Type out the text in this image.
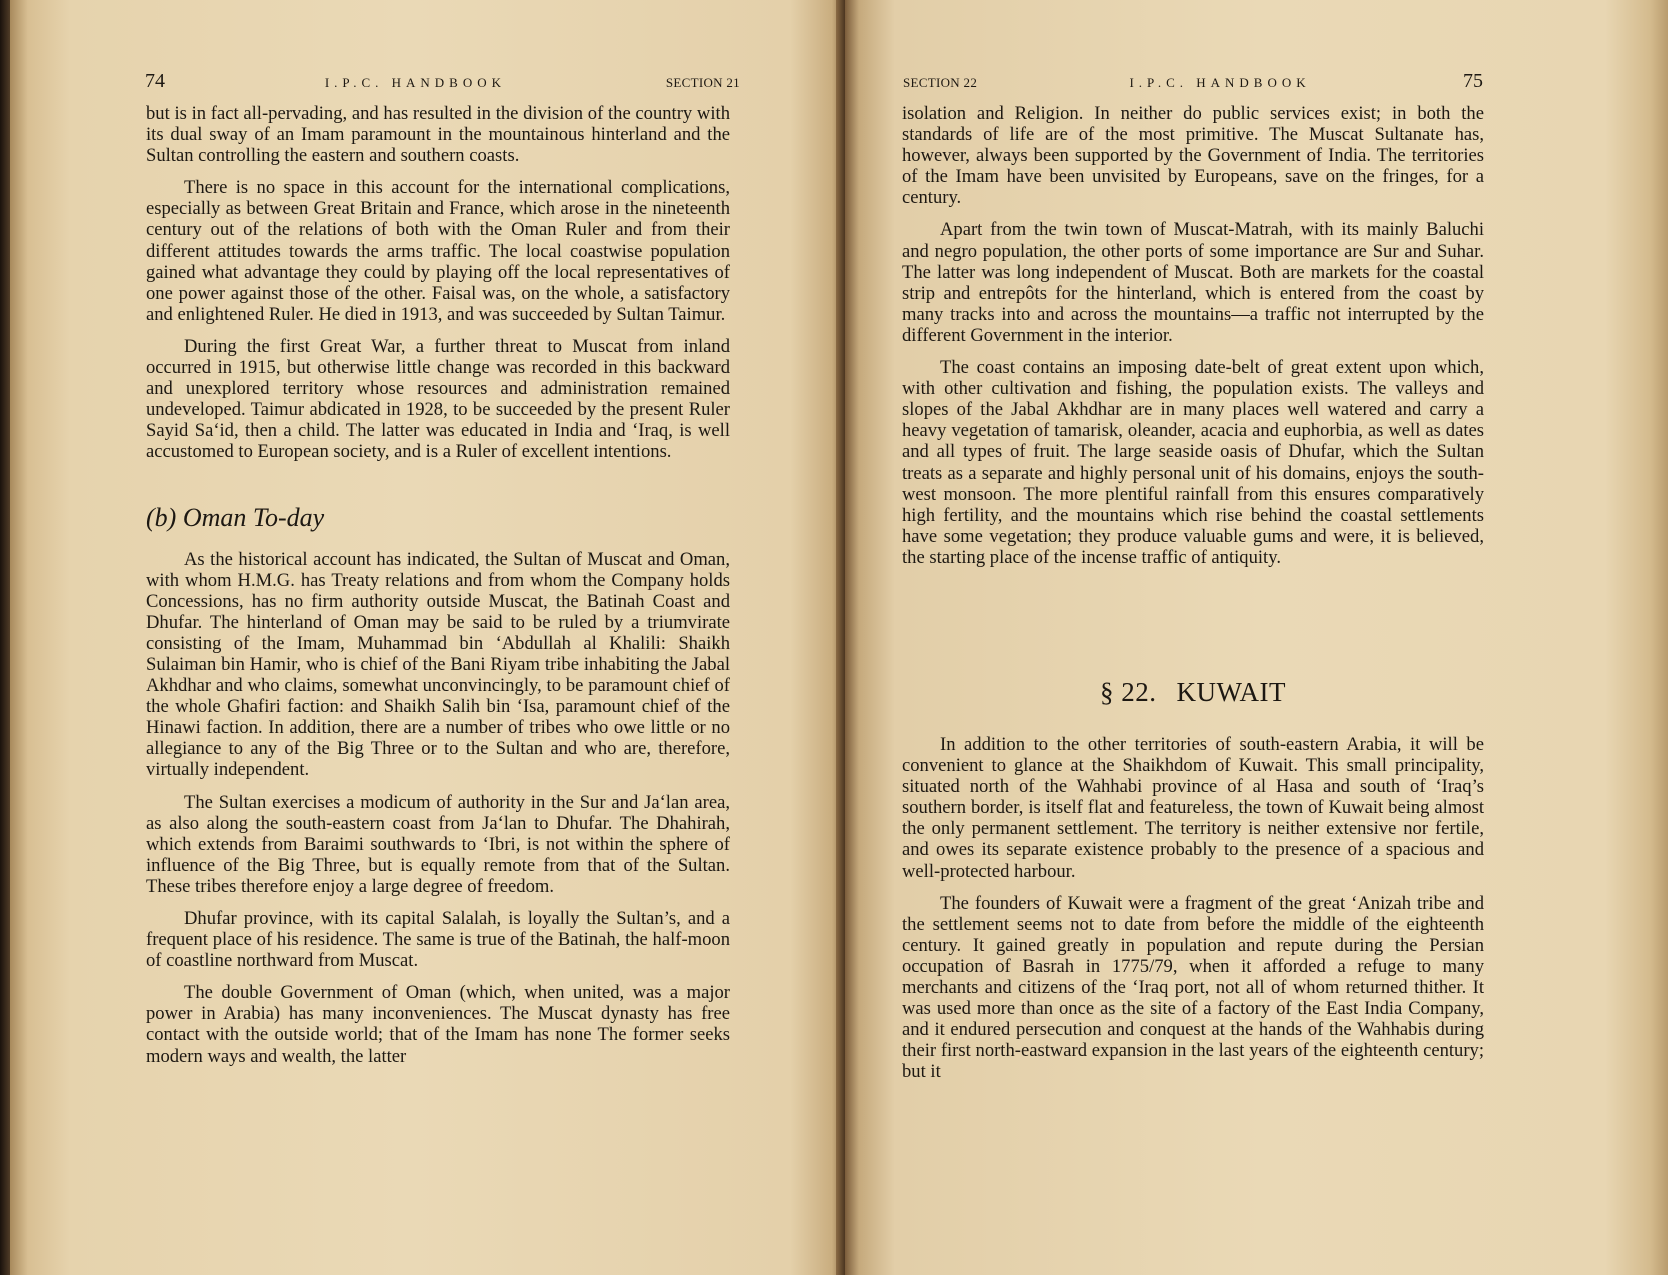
74	I.P.C. HANDBOOK	SECTION 21

but is in fact all-pervading, and has resulted in the division of the country with its dual sway of an Imam paramount in the mountainous hinterland and the Sultan controlling the eastern and southern coasts.

There is no space in this account for the international complications, especially as between Great Britain and France, which arose in the nineteenth century out of the relations of both with the Oman Ruler and from their different attitudes towards the arms traffic. The local coastwise population gained what advantage they could by playing off the local representatives of one power against those of the other. Faisal was, on the whole, a satisfactory and enlightened Ruler. He died in 1913, and was succeeded by Sultan Taimur.

During the first Great War, a further threat to Muscat from inland occurred in 1915, but otherwise little change was recorded in this backward and unexplored territory whose resources and administration remained undeveloped. Taimur abdicated in 1928, to be succeeded by the present Ruler Sayid Sa‘id, then a child. The latter was educated in India and ‘Iraq, is well accustomed to European society, and is a Ruler of excellent intentions.

(b) Oman To-day

As the historical account has indicated, the Sultan of Muscat and Oman, with whom H.M.G. has Treaty relations and from whom the Company holds Concessions, has no firm authority outside Muscat, the Batinah Coast and Dhufar. The hinterland of Oman may be said to be ruled by a triumvirate consisting of the Imam, Muhammad bin ‘Abdullah al Khalili: Shaikh Sulaiman bin Hamir, who is chief of the Bani Riyam tribe inhabiting the Jabal Akhdhar and who claims, somewhat unconvincingly, to be paramount chief of the whole Ghafiri faction: and Shaikh Salih bin ‘Isa, paramount chief of the Hinawi faction. In addition, there are a number of tribes who owe little or no allegiance to any of the Big Three or to the Sultan and who are, therefore, virtually independent.

The Sultan exercises a modicum of authority in the Sur and Ja‘lan area, as also along the south-eastern coast from Ja‘lan to Dhufar. The Dhahirah, which extends from Baraimi southwards to ‘Ibri, is not within the sphere of influence of the Big Three, but is equally remote from that of the Sultan. These tribes therefore enjoy a large degree of freedom.

Dhufar province, with its capital Salalah, is loyally the Sultan’s, and a frequent place of his residence. The same is true of the Batinah, the half-moon of coastline northward from Muscat.

The double Government of Oman (which, when united, was a major power in Arabia) has many inconveniences. The Muscat dynasty has free contact with the outside world; that of the Imam has none The former seeks modern ways and wealth, the latter

SECTION 22	I.P.C. HANDBOOK	75

isolation and Religion. In neither do public services exist; in both the standards of life are of the most primitive. The Muscat Sultanate has, however, always been supported by the Government of India. The territories of the Imam have been unvisited by Europeans, save on the fringes, for a century.

Apart from the twin town of Muscat-Matrah, with its mainly Baluchi and negro population, the other ports of some importance are Sur and Suhar. The latter was long independent of Muscat. Both are markets for the coastal strip and entrepôts for the hinterland, which is entered from the coast by many tracks into and across the mountains—a traffic not interrupted by the different Government in the interior.

The coast contains an imposing date-belt of great extent upon which, with other cultivation and fishing, the population exists. The valleys and slopes of the Jabal Akhdhar are in many places well watered and carry a heavy vegetation of tamarisk, oleander, acacia and euphorbia, as well as dates and all types of fruit. The large seaside oasis of Dhufar, which the Sultan treats as a separate and highly personal unit of his domains, enjoys the south-west monsoon. The more plentiful rainfall from this ensures comparatively high fertility, and the mountains which rise behind the coastal settlements have some vegetation; they produce valuable gums and were, it is believed, the starting place of the incense traffic of antiquity.

§ 22. KUWAIT

In addition to the other territories of south-eastern Arabia, it will be convenient to glance at the Shaikhdom of Kuwait. This small principality, situated north of the Wahhabi province of al Hasa and south of ‘Iraq’s southern border, is itself flat and featureless, the town of Kuwait being almost the only permanent settlement. The territory is neither extensive nor fertile, and owes its separate existence probably to the presence of a spacious and well-protected harbour.

The founders of Kuwait were a fragment of the great ‘Anizah tribe and the settlement seems not to date from before the middle of the eighteenth century. It gained greatly in population and repute during the Persian occupation of Basrah in 1775/79, when it afforded a refuge to many merchants and citizens of the ‘Iraq port, not all of whom returned thither. It was used more than once as the site of a factory of the East India Company, and it endured persecution and conquest at the hands of the Wahhabis during their first north-eastward expansion in the last years of the eighteenth century; but it
